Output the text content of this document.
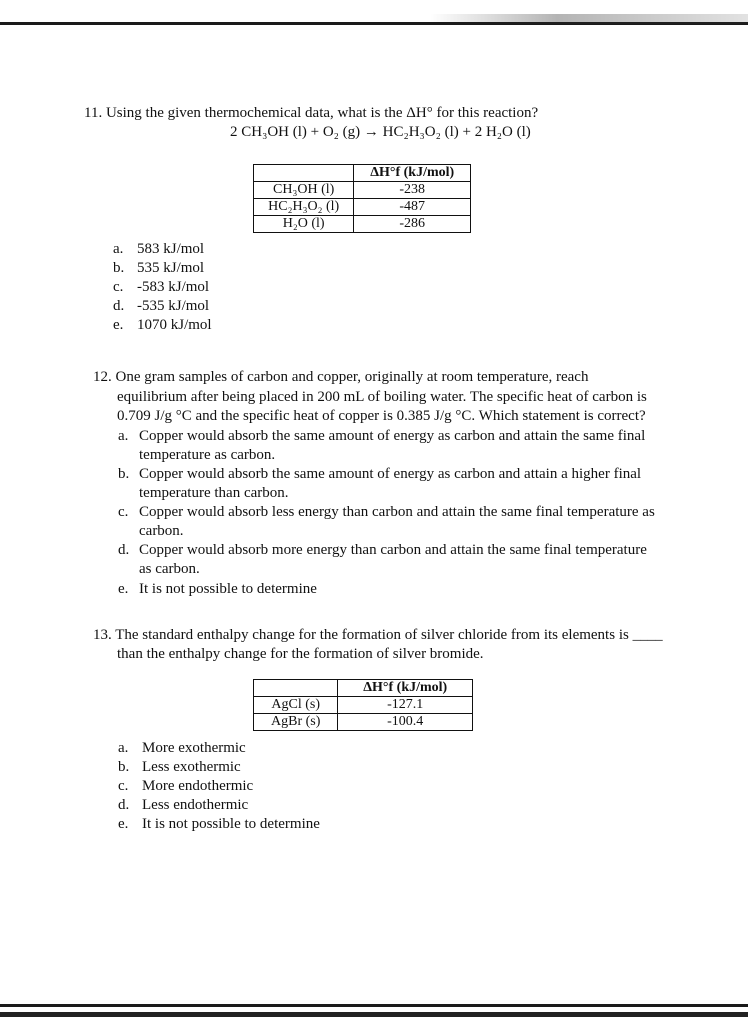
11. Using the given thermochemical data, what is the ΔH° for this reaction?
2 CH₃OH (l) + O₂ (g) → HC₂H₃O₂ (l) + 2 H₂O (l)
	ΔH°f (kJ/mol)
CH₃OH (l)	-238
HC₂H₃O₂ (l)	-487
H₂O (l)	-286
a. 583 kJ/mol
b. 535 kJ/mol
c. -583 kJ/mol
d. -535 kJ/mol
e. 1070 kJ/mol
12. One gram samples of carbon and copper, originally at room temperature, reach
equilibrium after being placed in 200 mL of boiling water. The specific heat of carbon is
0.709 J/g °C and the specific heat of copper is 0.385 J/g °C. Which statement is correct?
a. Copper would absorb the same amount of energy as carbon and attain the same final
temperature as carbon.
b. Copper would absorb the same amount of energy as carbon and attain a higher final
temperature than carbon.
c. Copper would absorb less energy than carbon and attain the same final temperature as
carbon.
d. Copper would absorb more energy than carbon and attain the same final temperature
as carbon.
e. It is not possible to determine
13. The standard enthalpy change for the formation of silver chloride from its elements is ____
than the enthalpy change for the formation of silver bromide.
	ΔH°f (kJ/mol)
AgCl (s)	-127.1
AgBr (s)	-100.4
a. More exothermic
b. Less exothermic
c. More endothermic
d. Less endothermic
e. It is not possible to determine
